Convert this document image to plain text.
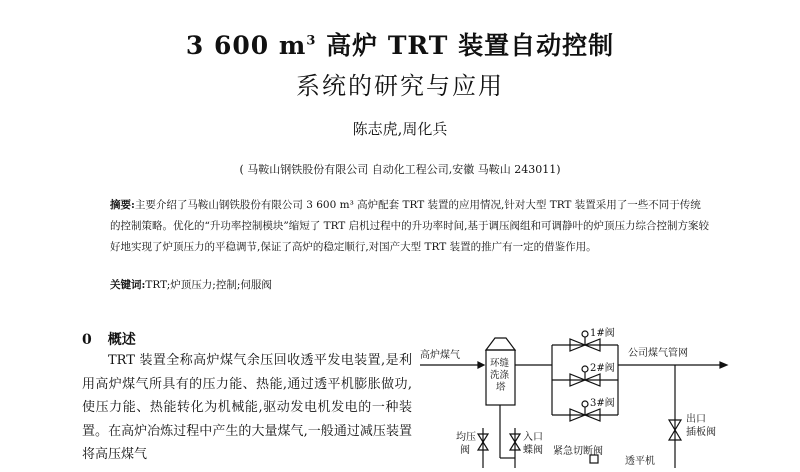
3 600 $m^3$ 高炉 TRT 装置自动控制
系统的研究与应用
陈志虎,周化兵
( 马鞍山钢铁股份有限公司 自动化工程公司,安徽 马鞍山 243011)
摘要:主要介绍了马鞍山钢铁股份有限公司 3 600 m³ 高炉配套 TRT 装置的应用情况,针对大型 TRT 装置采用了一些不同于传统的控制策略。优化的“升功率控制模块”缩短了 TRT 启机过程中的升功率时间,基于调压阀组和可调静叶的炉顶压力综合控制方案较好地实现了炉顶压力的平稳调节,保证了高炉的稳定顺行,对国产大型 TRT 装置的推广有一定的借鉴作用。
关键词:TRT;炉顶压力;控制;伺服阀
0 概述

TRT 装置全称高炉煤气余压回收透平发电装置,是利用高炉煤气所具有的压力能、热能,通过透平机膨胀做功,使压力能、热能转化为机械能,驱动发电机发电的一种装置。在高炉冶炼过程中产生的大量煤气,一般通过减压装置将高压煤气

高炉煤气
环缝
洗涤
塔
1#阀
2#阀
3#阀
公司煤气管网
出口
插板阀
均压
阀
入口
蝶阀 紧急切断阀
透平机
